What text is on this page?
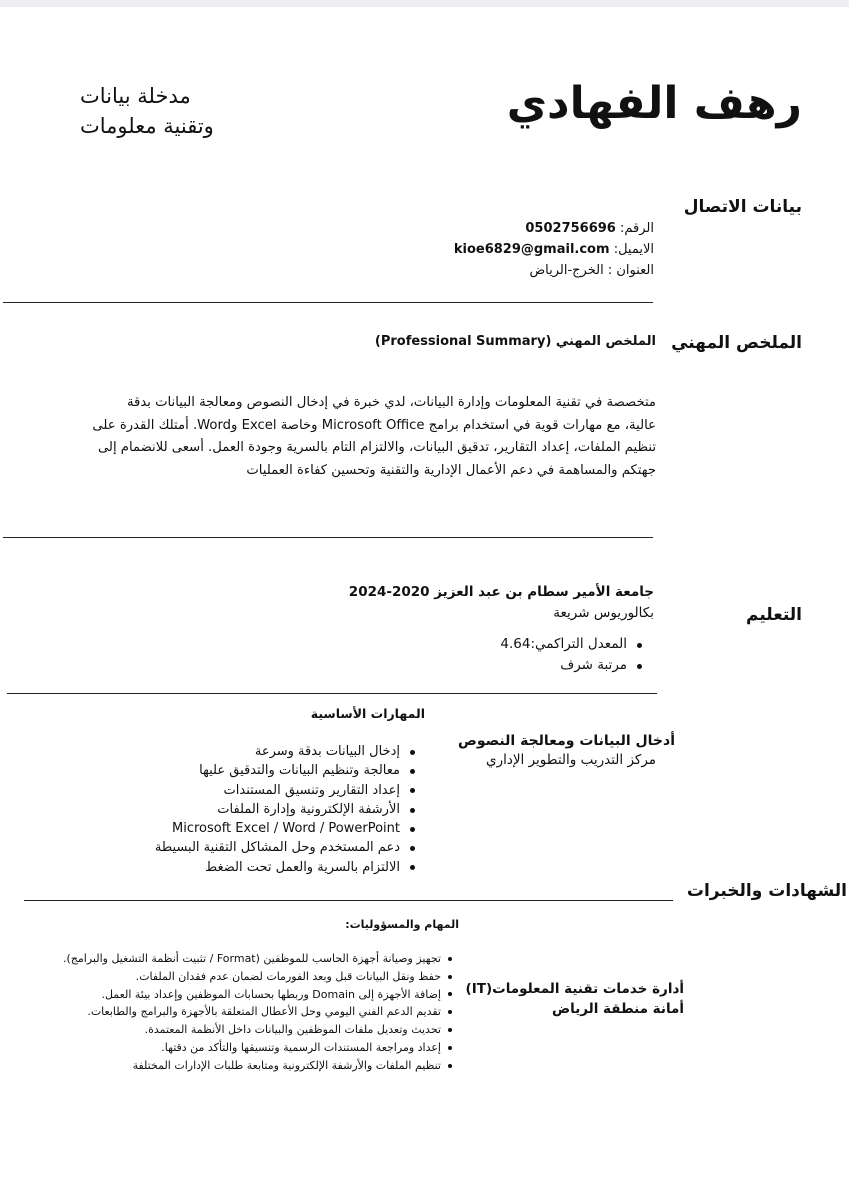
رهف الفهادي
مدخلة بيانات
وتقنية معلومات
بيانات الاتصال
الرقم: 0502756696
الايميل: kioe6829@gmail.com
العنوان : الخرج-الرياض
الملخص المهني
الملخص المهني (Professional Summary)
متخصصة في تقنية المعلومات وإدارة البيانات، لدي خبرة في إدخال النصوص ومعالجة البيانات بدقة
عالية، مع مهارات قوية في استخدام برامج Microsoft Office وخاصة Excel وWord. أمتلك القدرة على
تنظيم الملفات، إعداد التقارير، تدقيق البيانات، والالتزام التام بالسرية وجودة العمل. أسعى للانضمام إلى
جهتكم والمساهمة في دعم الأعمال الإدارية والتقنية وتحسين كفاءة العمليات
جامعة الأمير سطام بن عبد العزيز 2020-2024
بكالوريوس شريعة	التعليم
المعدل التراكمي:4.64
مرتبة شرف
المهارات الأساسية
إدخال البيانات بدقة وسرعة
معالجة وتنظيم البيانات والتدقيق عليها
إعداد التقارير وتنسيق المستندات
الأرشفة الإلكترونية وإدارة الملفات
Microsoft Excel / Word / PowerPoint
دعم المستخدم وحل المشاكل التقنية البسيطة
الالتزام بالسرية والعمل تحت الضغط
أدخال البيانات ومعالجة النصوص
مركز التدريب والتطوير الإداري
الشهادات والخبرات
المهام والمسؤوليات:
تجهيز وصيانة أجهزة الحاسب للموظفين (Format / تثبيت أنظمة التشغيل والبرامج).
حفظ ونقل البيانات قبل وبعد الفورمات لضمان عدم فقدان الملفات.
إضافة الأجهزة إلى Domain وربطها بحسابات الموظفين وإعداد بيئة العمل.
تقديم الدعم الفني اليومي وحل الأعطال المتعلقة بالأجهزة والبرامج والطابعات.
تحديث وتعديل ملفات الموظفين والبيانات داخل الأنظمة المعتمدة.
إعداد ومراجعة المستندات الرسمية وتنسيقها والتأكد من دقتها.
تنظيم الملفات والأرشفة الإلكترونية ومتابعة طلبات الإدارات المختلفة
أدارة خدمات تقنية المعلومات(IT)
أمانة منطقة الرياض
